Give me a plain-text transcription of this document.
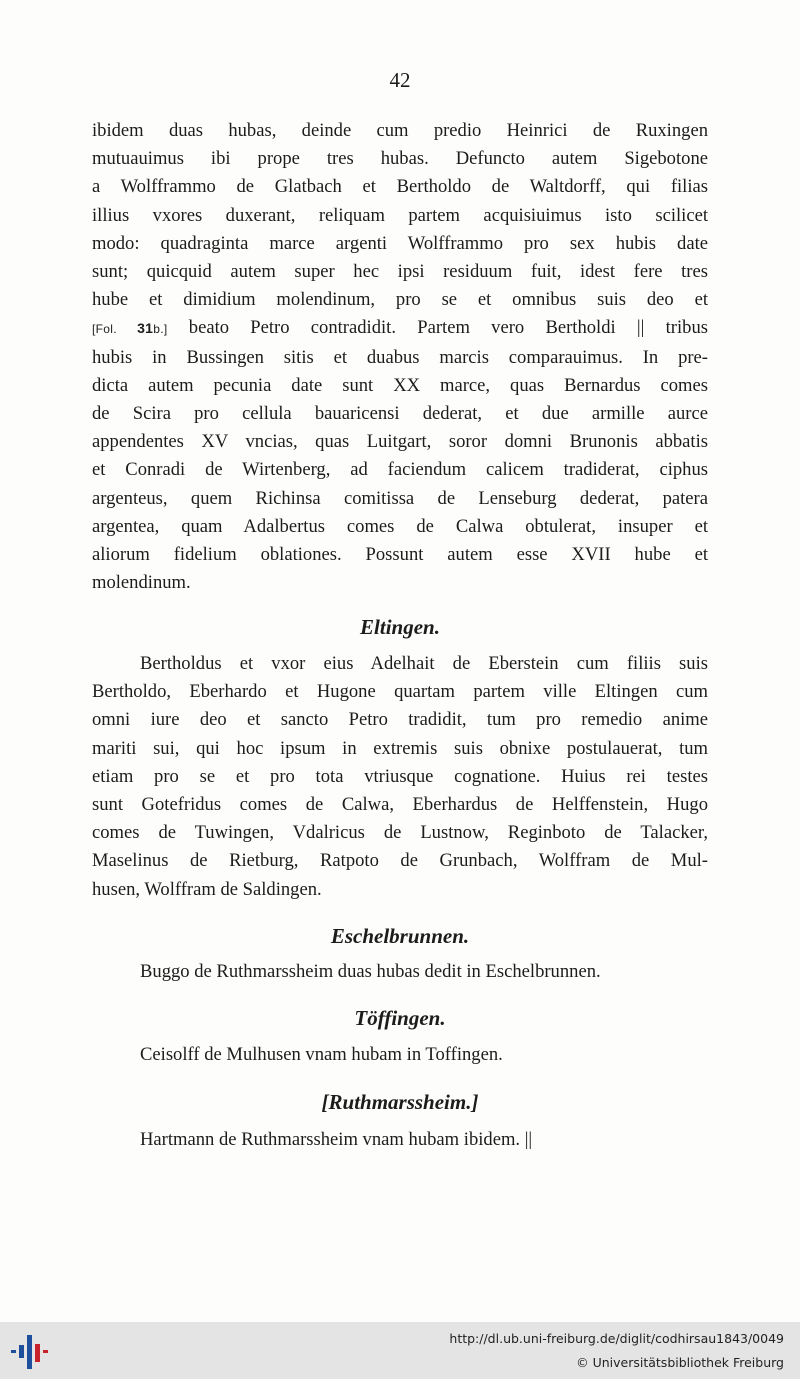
42

ibidem duas hubas, deinde cum predio Heinrici de Ruxingen

mutuauimus ibi prope tres hubas. Defuncto autem Sigebotone

a Wolfframmo de Glatbach et Bertholdo de Waltdorff, qui filias

illius vxores duxerant, reliquam partem acquisiuimus isto scilicet

modo: quadraginta marce argenti Wolfframmo pro sex hubis date

sunt; quicquid autem super hec ipsi residuum fuit, idest fere tres

hube et dimidium molendinum, pro se et omnibus suis deo et

[Fol. 31b.] beato Petro contradidit. Partem vero Bertholdi || tribus

hubis in Bussingen sitis et duabus marcis comparauimus. In pre-

dicta autem pecunia date sunt XX marce, quas Bernardus comes

de Scira pro cellula bauaricensi dederat, et due armille aurce

appendentes XV vncias, quas Luitgart, soror domni Brunonis abbatis

et Conradi de Wirtenberg, ad faciendum calicem tradiderat, ciphus

argenteus, quem Richinsa comitissa de Lenseburg dederat, patera

argentea, quam Adalbertus comes de Calwa obtulerat, insuper et

aliorum fidelium oblationes. Possunt autem esse XVII hube et

molendinum.

Eltingen.

Bertholdus et vxor eius Adelhait de Eberstein cum filiis suis

Bertholdo, Eberhardo et Hugone quartam partem ville Eltingen cum

omni iure deo et sancto Petro tradidit, tum pro remedio anime

mariti sui, qui hoc ipsum in extremis suis obnixe postulauerat, tum

etiam pro se et pro tota vtriusque cognatione. Huius rei testes

sunt Gotefridus comes de Calwa, Eberhardus de Helffenstein, Hugo

comes de Tuwingen, Vdalricus de Lustnow, Reginboto de Talacker,

Maselinus de Rietburg, Ratpoto de Grunbach, Wolffram de Mul-

husen, Wolffram de Saldingen.

Eschelbrunnen.

Buggo de Ruthmarssheim duas hubas dedit in Eschelbrunnen.

Töffingen.

Ceisolff de Mulhusen vnam hubam in Toffingen.

[Ruthmarssheim.]

Hartmann de Ruthmarssheim vnam hubam ibidem. ||

http://dl.ub.uni-freiburg.de/diglit/codhirsau1843/0049
© Universitätsbibliothek Freiburg
